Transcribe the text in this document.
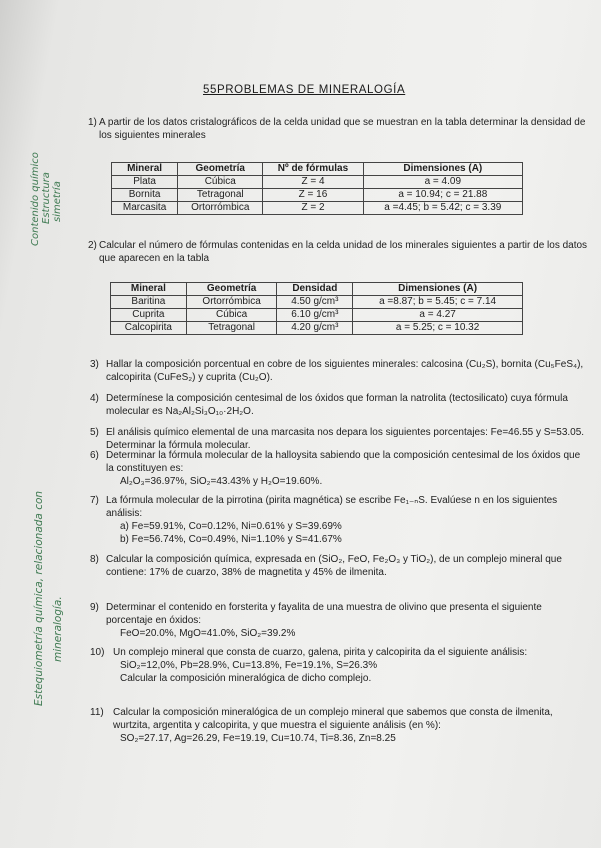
Contenido químico Estructura simetría
Estequiometría química, relacionada con mineralogía.
55PROBLEMAS DE MINERALOGÍA
1) A partir de los datos cristalográficos de la celda unidad que se muestran en la tabla determinar la densidad de los siguientes minerales
Mineral	Geometría	Nº de fórmulas	Dimensiones (A)
Plata	Cúbica	Z = 4	a = 4.09
Bornita	Tetragonal	Z = 16	a = 10.94; c = 21.88
Marcasita	Ortorrómbica	Z = 2	a =4.45; b = 5.42; c = 3.39
2) Calcular el número de fórmulas contenidas en la celda unidad de los minerales siguientes a partir de los datos que aparecen en la tabla
Mineral	Geometría	Densidad	Dimensiones (A)
Baritina	Ortorrómbica	4.50 g/cm³	a =8.87; b = 5.45; c = 7.14
Cuprita	Cúbica	6.10 g/cm³	a = 4.27
Calcopirita	Tetragonal	4.20 g/cm³	a = 5.25; c = 10.32
3) Hallar la composición porcentual en cobre de los siguientes minerales: calcosina (Cu₂S), bornita (Cu₅FeS₄), calcopirita (CuFeS₂) y cuprita (Cu₂O).
4) Determínese la composición centesimal de los óxidos que forman la natrolita (tectosilicato) cuya fórmula molecular es Na₂Al₂Si₃O₁₀·2H₂O.
5) El análisis químico elemental de una marcasita nos depara los siguientes porcentajes: Fe=46.55 y S=53.05. Determinar la fórmula molecular.
6) Determinar la fórmula molecular de la halloysita sabiendo que la composición centesimal de los óxidos que la constituyen es:
Al₂O₃=36.97%, SiO₂=43.43% y H₂O=19.60%.
7) La fórmula molecular de la pirrotina (pirita magnética) se escribe Fe₁₋ₙS. Evalúese n en los siguientes análisis:
a) Fe=59.91%, Co=0.12%, Ni=0.61% y S=39.69%
b) Fe=56.74%, Co=0.49%, Ni=1.10% y S=41.67%
8) Calcular la composición química, expresada en (SiO₂, FeO, Fe₂O₃ y TiO₂), de un complejo mineral que contiene: 17% de cuarzo, 38% de magnetita y 45% de ilmenita.
9) Determinar el contenido en forsterita y fayalita de una muestra de olivino que presenta el siguiente porcentaje en óxidos:
FeO=20.0%, MgO=41.0%, SiO₂=39.2%
10) Un complejo mineral que consta de cuarzo, galena, pirita y calcopirita da el siguiente análisis:
SiO₂=12,0%, Pb=28.9%, Cu=13.8%, Fe=19.1%, S=26.3%
Calcular la composición mineralógica de dicho complejo.
11) Calcular la composición mineralógica de un complejo mineral que sabemos que consta de ilmenita, wurtzita, argentita y calcopirita, y que muestra el siguiente análisis (en %):
SO₂=27.17, Ag=26.29, Fe=19.19, Cu=10.74, Ti=8.36, Zn=8.25
